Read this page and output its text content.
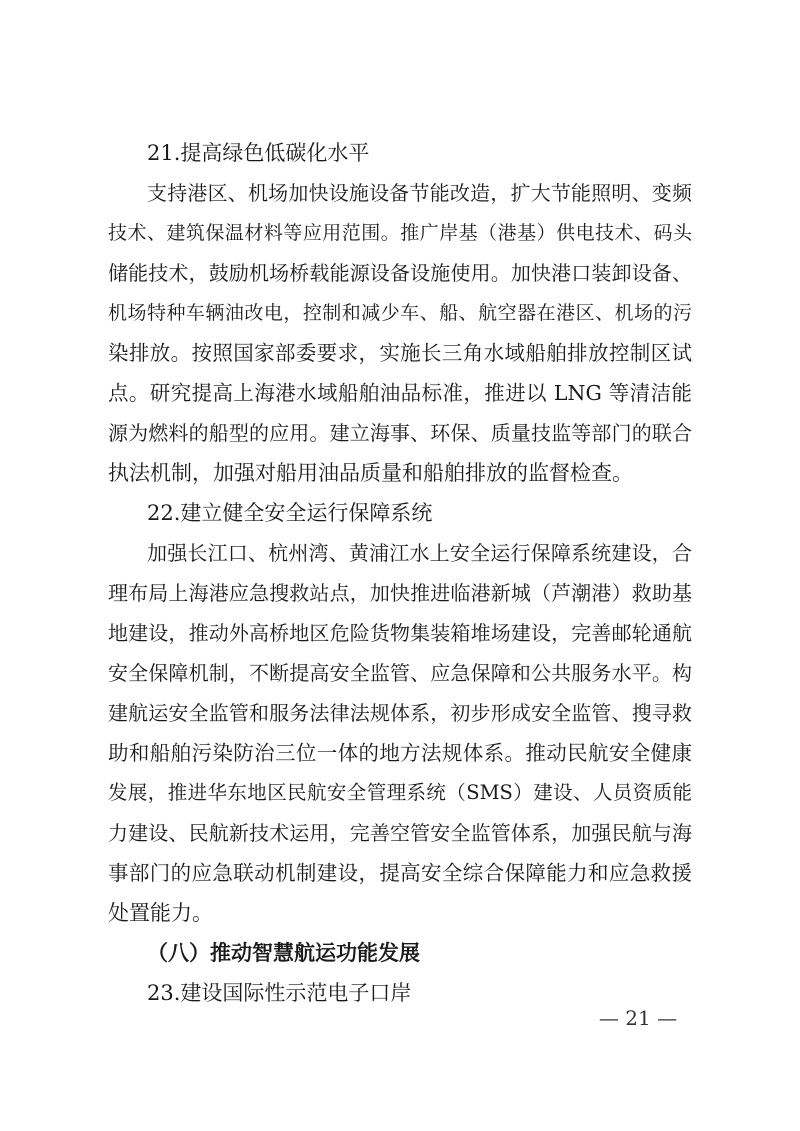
21.提高绿色低碳化水平
支持港区、机场加快设施设备节能改造，扩大节能照明、变频
技术、建筑保温材料等应用范围。推广岸基（港基）供电技术、码头
储能技术，鼓励机场桥载能源设备设施使用。加快港口装卸设备、
机场特种车辆油改电，控制和减少车、船、航空器在港区、机场的污
染排放。按照国家部委要求，实施长三角水域船舶排放控制区试
点。研究提高上海港水域船舶油品标准，推进以 LNG 等清洁能
源为燃料的船型的应用。建立海事、环保、质量技监等部门的联合
执法机制，加强对船用油品质量和船舶排放的监督检查。
22.建立健全安全运行保障系统
加强长江口、杭州湾、黄浦江水上安全运行保障系统建设，合
理布局上海港应急搜救站点，加快推进临港新城（芦潮港）救助基
地建设，推动外高桥地区危险货物集装箱堆场建设，完善邮轮通航
安全保障机制，不断提高安全监管、应急保障和公共服务水平。构
建航运安全监管和服务法律法规体系，初步形成安全监管、搜寻救
助和船舶污染防治三位一体的地方法规体系。推动民航安全健康
发展，推进华东地区民航安全管理系统（SMS）建设、人员资质能
力建设、民航新技术运用，完善空管安全监管体系，加强民航与海
事部门的应急联动机制建设，提高安全综合保障能力和应急救援
处置能力。
（八）推动智慧航运功能发展
23.建设国际性示范电子口岸
— 21 —
